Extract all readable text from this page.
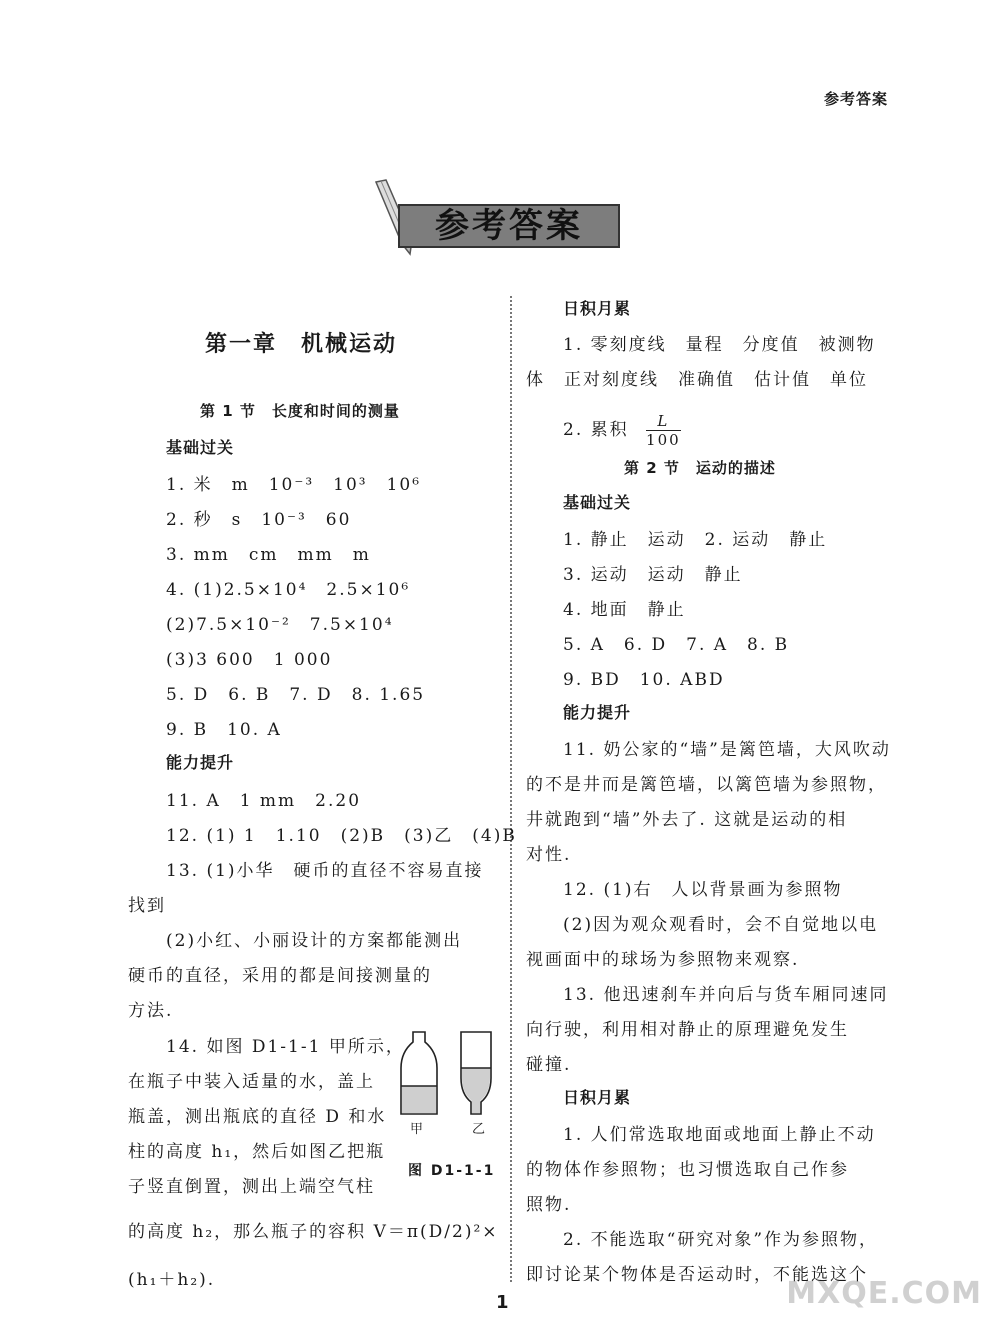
参考答案
参考答案
第一章　机械运动
第 1 节　长度和时间的测量
基础过关
1. 米　m　10⁻³　10³　10⁶
2. 秒　s　10⁻³　60
3. mm　cm　mm　m
4. (1)2.5×10⁴　2.5×10⁶
(2)7.5×10⁻²　7.5×10⁴
(3)3 600　1 000
5. D　6. B　7. D　8. 1.65
9. B　10. A
能力提升
11. A　1 mm　2.20
12. (1) 1　1.10　(2)B　(3)乙　(4)B
13. (1)小华　硬币的直径不容易直接
找到
(2)小红、小丽设计的方案都能测出
硬币的直径，采用的都是间接测量的
方法.
14. 如图 D1-1-1 甲所示，
在瓶子中装入适量的水，盖上
瓶盖，测出瓶底的直径 D 和水
柱的高度 h₁，然后如图乙把瓶
子竖直倒置，测出上端空气柱
的高度 h₂，那么瓶子的容积 V＝π(D/2)²×
(h₁＋h₂).
甲	乙
图 D1-1-1
日积月累
1. 零刻度线　量程　分度值　被测物
体　正对刻度线　准确值　估计值　单位
2. 累积 $\frac{L}{100}$
第 2 节　运动的描述
基础过关
1. 静止　运动　2. 运动　静止
3. 运动　运动　静止
4. 地面　静止
5. A　6. D　7. A　8. B
9. BD　10. ABD
能力提升
11. 奶公家的“墙”是篱笆墙，大风吹动
的不是井而是篱笆墙，以篱笆墙为参照物，
井就跑到“墙”外去了. 这就是运动的相
对性.
12. (1)右　人以背景画为参照物
(2)因为观众观看时，会不自觉地以电
视画面中的球场为参照物来观察.
13. 他迅速刹车并向后与货车厢同速同
向行驶，利用相对静止的原理避免发生
碰撞.
日积月累
1. 人们常选取地面或地面上静止不动
的物体作参照物；也习惯选取自己作参
照物.
2. 不能选取“研究对象”作为参照物，
即讨论某个物体是否运动时，不能选这个
1	MXQE.COM
